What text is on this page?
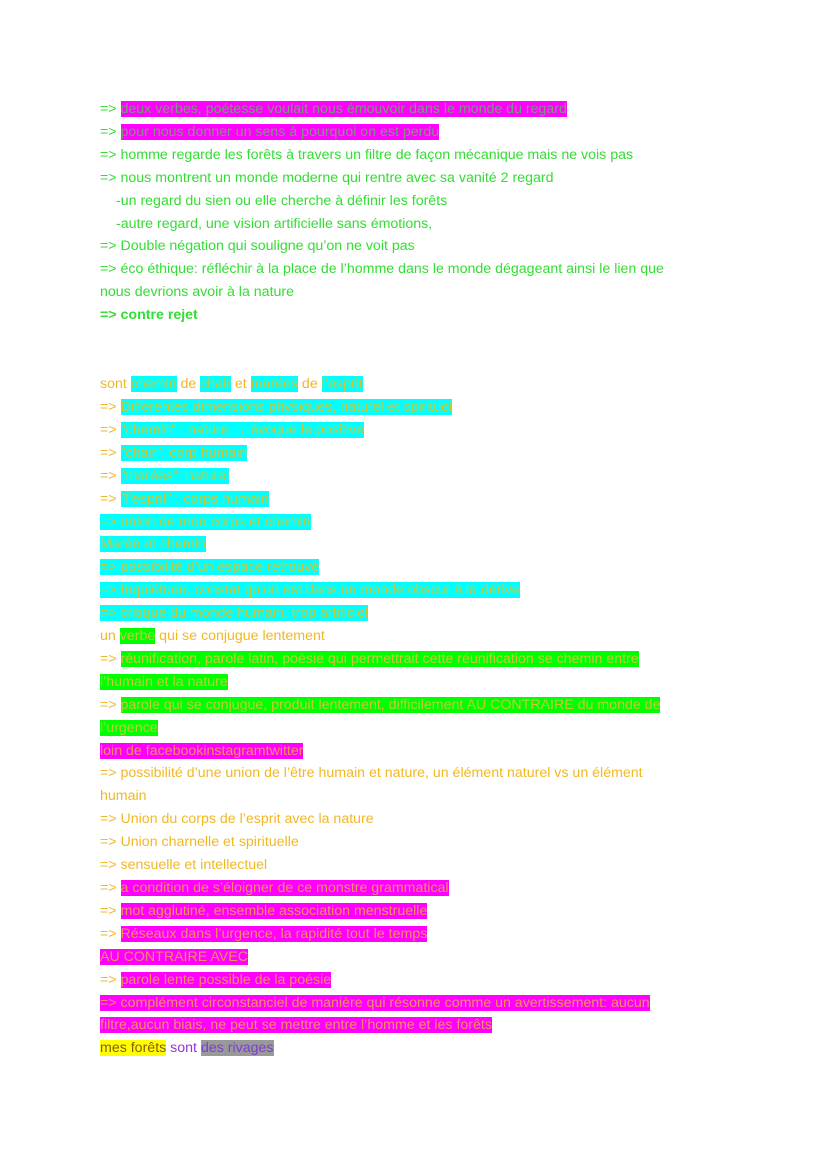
=> deux verbes, poétesse voulait nous émouvoir dans le monde du regard
=> pour nous donner un sens à pourquoi on est perdu
=> homme regarde les forêts à travers un filtre de façon mécanique mais ne vois pas
=> nous montrent un monde moderne qui rentre avec sa vanité 2 regard
-un regard du sien ou elle cherche à définir les forêts
-autre regard, une vision artificielle sans émotions,
=> Double négation qui souligne qu’on ne voit pas
=> éco éthique: réfléchir à la place de l’homme dans le monde dégageant ainsi le lien que
nous devrions avoir à la nature
=> contre rejet
sont chemin de chair et marées de l’esprit
=> Différentes dimensions physiques, naturel et spirituel
=> "chemin" : nature → évoque le positive
=> "chair": corp humain
=> "marées": naturel
=> "l’esprit" : corps humain
=> union de mon corps et chemin
Marée et chemin
=> possibilité d’un espace retrouvé
=> Inquiétude, constat qu’on est dans un monde obscur à la dérive
=> critique du monde humain, trop artificiel
un verbe qui se conjugue lentement
=> réunification, parole latin, poésie qui permettrait cette réunification se chemin entre
l’humain et la nature
=> parole qui se conjugue, produit lentement, difficilement AU CONTRAIRE du monde de
l’urgence
loin de facebookinstagramtwitter
=> possibilité d’une union de l’être humain et nature, un élément naturel vs un élément
humain
=> Union du corps de l’esprit avec la nature
=> Union charnelle et spirituelle
=> sensuelle et intellectuel
=> a condition de s’éloigner de ce monstre grammatical
=> mot agglutiné, ensemble association menstruelle
=> Réseaux dans l’urgence, la rapidité tout le temps
AU CONTRAIRE AVEC
=> parole lente possible de la poésie
=> complément circonstanciel de manière qui résonne comme un avertissement: aucun
filtre,aucun biais, ne peut se mettre entre l’homme et les forêts
mes forêts sont des rivages
